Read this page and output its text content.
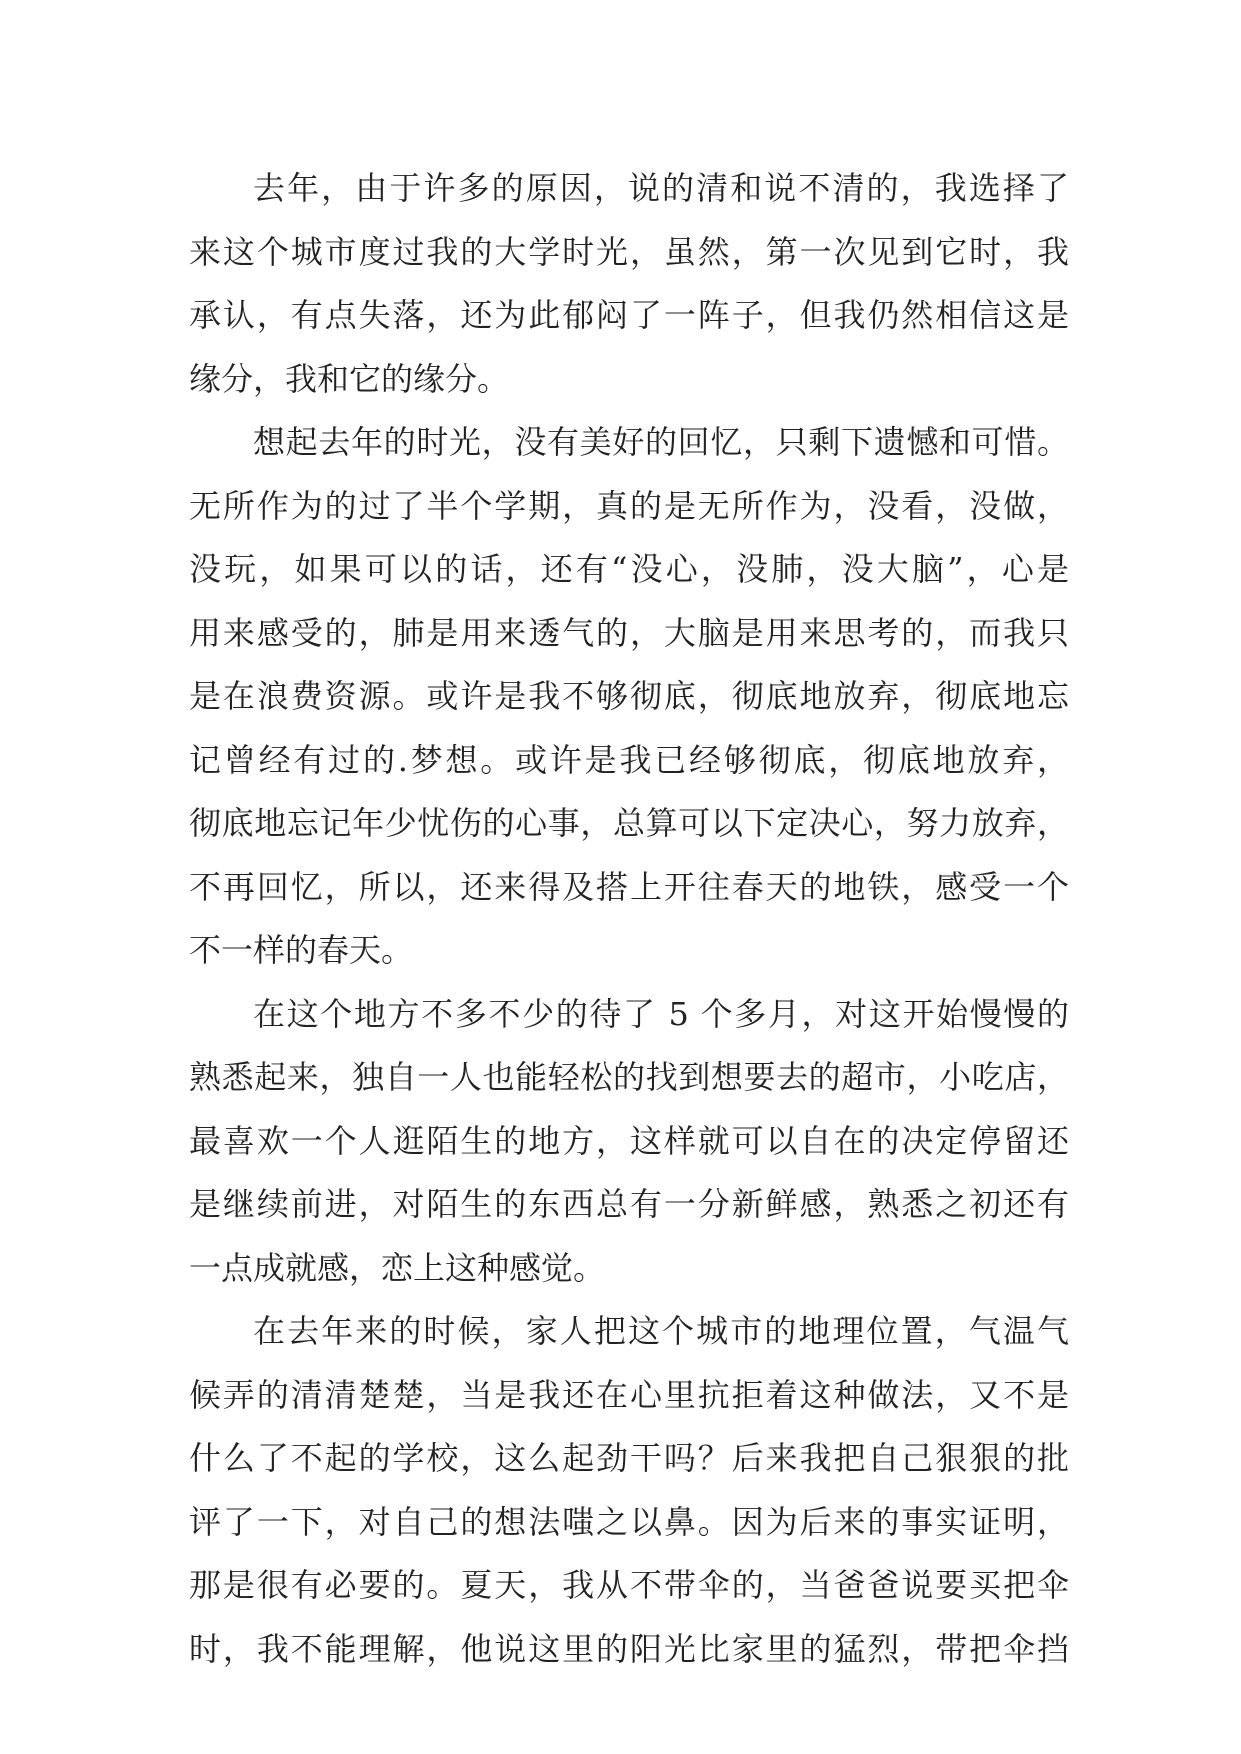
去年，由于许多的原因，说的清和说不清的，我选择了
来这个城市度过我的大学时光，虽然，第一次见到它时，我
承认，有点失落，还为此郁闷了一阵子，但我仍然相信这是
缘分，我和它的缘分。
想起去年的时光，没有美好的回忆，只剩下遗憾和可惜。
无所作为的过了半个学期，真的是无所作为，没看，没做，
没玩，如果可以的话，还有“没心，没肺，没大脑”，心是
用来感受的，肺是用来透气的，大脑是用来思考的，而我只
是在浪费资源。或许是我不够彻底，彻底地放弃，彻底地忘
记曾经有过的.梦想。或许是我已经够彻底，彻底地放弃，
彻底地忘记年少忧伤的心事，总算可以下定决心，努力放弃，
不再回忆，所以，还来得及搭上开往春天的地铁，感受一个
不一样的春天。
在这个地方不多不少的待了 5 个多月，对这开始慢慢的
熟悉起来，独自一人也能轻松的找到想要去的超市，小吃店，
最喜欢一个人逛陌生的地方，这样就可以自在的决定停留还
是继续前进，对陌生的东西总有一分新鲜感，熟悉之初还有
一点成就感，恋上这种感觉。
在去年来的时候，家人把这个城市的地理位置，气温气
候弄的清清楚楚，当是我还在心里抗拒着这种做法，又不是
什么了不起的学校，这么起劲干吗？后来我把自己狠狠的批
评了一下，对自己的想法嗤之以鼻。因为后来的事实证明，
那是很有必要的。夏天，我从不带伞的，当爸爸说要买把伞
时，我不能理解，他说这里的阳光比家里的猛烈，带把伞挡
